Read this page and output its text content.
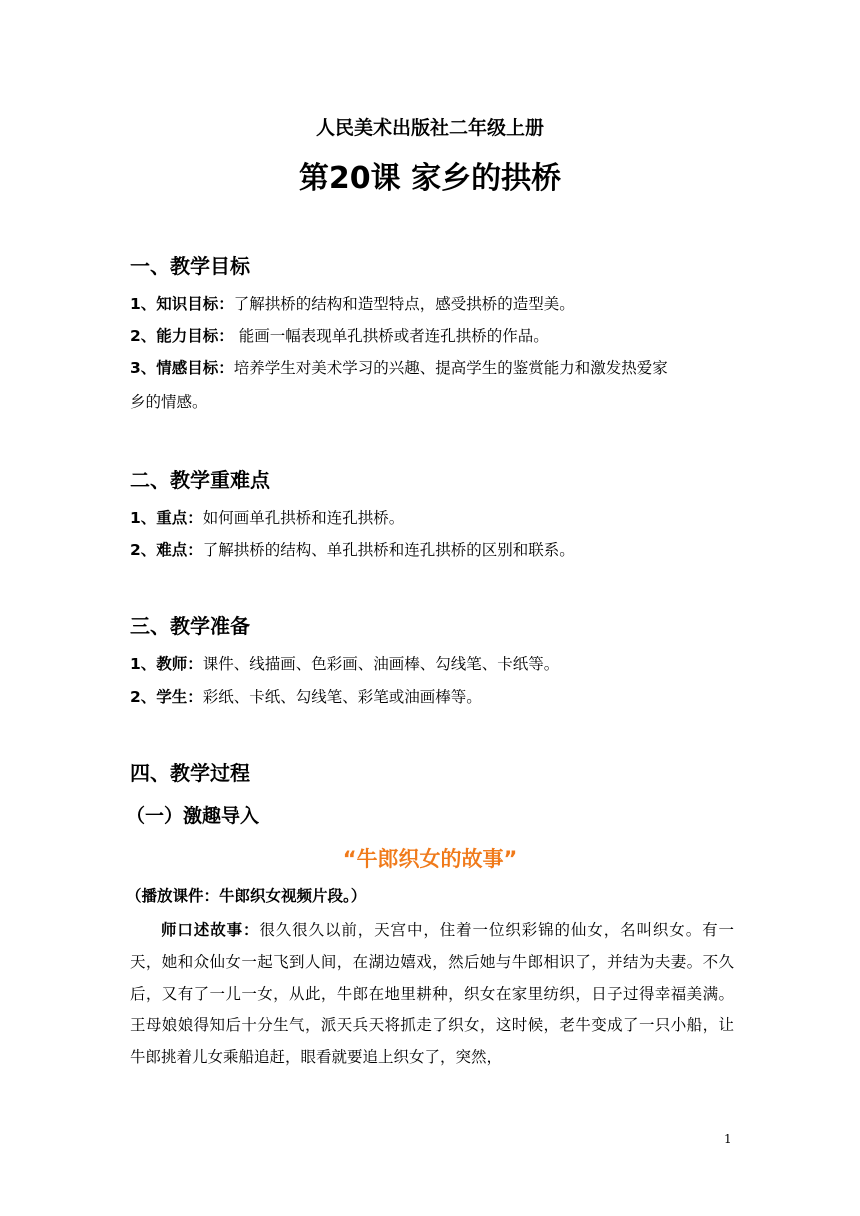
人民美术出版社二年级上册
第20课 家乡的拱桥
一、教学目标
1、知识目标：了解拱桥的结构和造型特点，感受拱桥的造型美。
2、能力目标： 能画一幅表现单孔拱桥或者连孔拱桥的作品。
3、情感目标：培养学生对美术学习的兴趣、提高学生的鉴赏能力和激发热爱家
乡的情感。
二、教学重难点
1、重点：如何画单孔拱桥和连孔拱桥。
2、难点：了解拱桥的结构、单孔拱桥和连孔拱桥的区别和联系。
三、教学准备
1、教师：课件、线描画、色彩画、油画棒、勾线笔、卡纸等。
2、学生：彩纸、卡纸、勾线笔、彩笔或油画棒等。
四、教学过程
（一）激趣导入
“牛郎织女的故事”
（播放课件：牛郎织女视频片段。）
师口述故事：很久很久以前，天宫中，住着一位织彩锦的仙女，名叫织女。有一天，她和众仙女一起飞到人间，在湖边嬉戏，然后她与牛郎相识了，并结为夫妻。不久后，又有了一儿一女，从此，牛郎在地里耕种，织女在家里纺织，日子过得幸福美满。王母娘娘得知后十分生气，派天兵天将抓走了织女，这时候，老牛变成了一只小船，让牛郎挑着儿女乘船追赶，眼看就要追上织女了，突然，
1
